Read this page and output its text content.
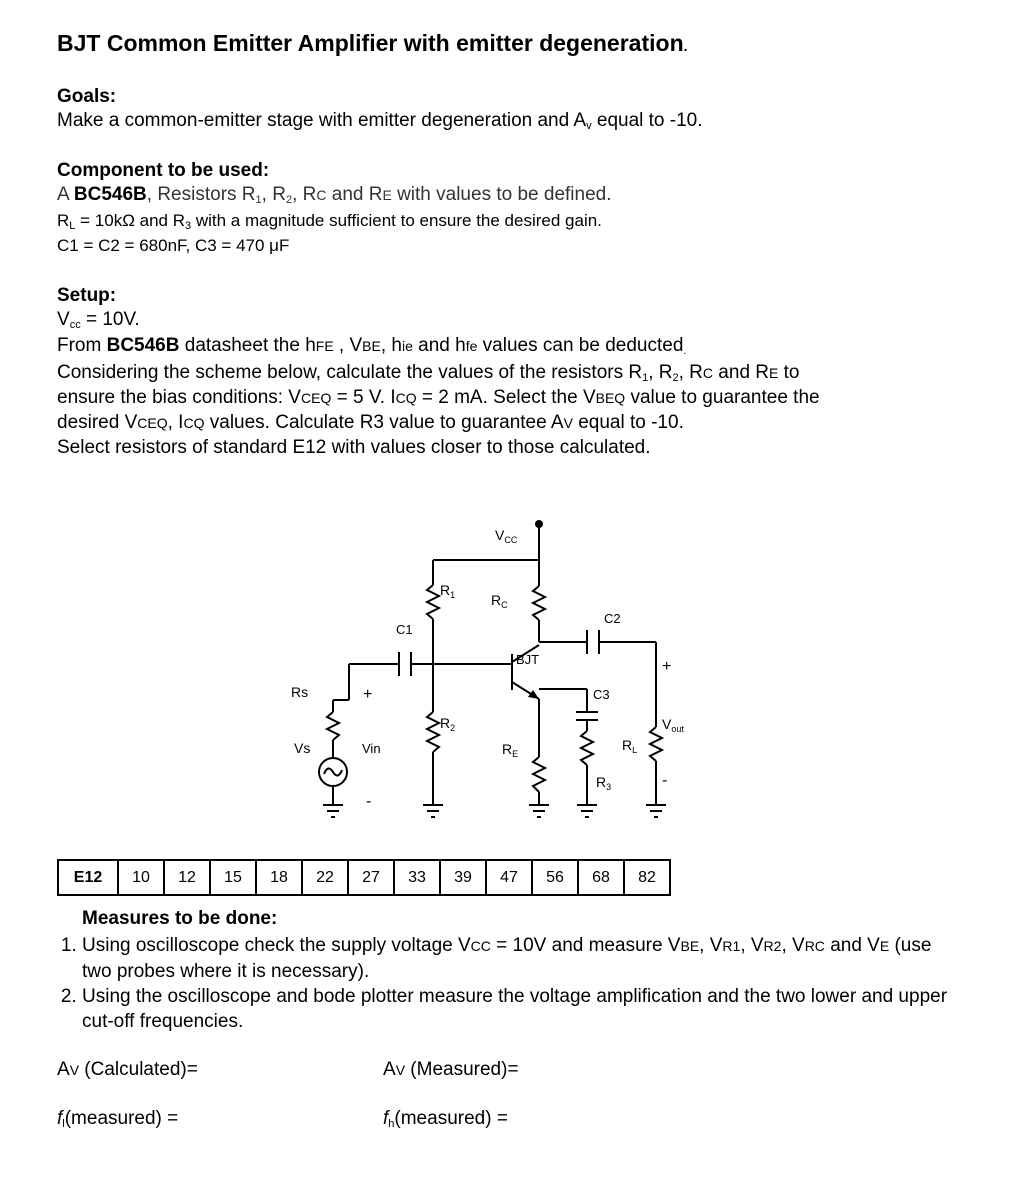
BJT Common Emitter Amplifier with emitter degeneration.
Goals:
Make a common-emitter stage with emitter degeneration and $A_v$ equal to -10.
Component to be used:
A BC546B, Resistors $R_1$, $R_2$, RC and RE with values to be defined.
$R_L = 10k\Omega$ and $R_3$ with a magnitude sufficient to ensure the desired gain.
C1 = C2 = 680nF, C3 = 470 μF
Setup:
$V_{cc} = 10V$.
From BC546B datasheet the hFE , VBE, hie and hfe values can be deducted$_.$
Considering the scheme below, calculate the values of the resistors $R_1$, $R_2$, RC and RE to
ensure the bias conditions: VCEQ = 5 V. ICQ = 2 mA. Select the VBEQ value to guarantee the
desired VCEQ, ICQ values. Calculate R3 value to guarantee AV equal to -10.
Select resistors of standard E12 with values closer to those calculated.
$V_{CC}$
$R_1$	$R_C$
C1
C2
BJT	+
Rs	+	C3
$R_2$	$V_{out}$
Vs	Vin	$R_E$
$R_L$
$R_3$	-
-
E12	10	12	15	18	22	27	33	39	47	56	68	82
Measures to be done:
1. Using oscilloscope check the supply voltage VCC = 10V and measure VBE, VR1, VR2, VRC and VE (use two probes where it is necessary).
2. Using the oscilloscope and bode plotter measure the voltage amplification and the two lower and upper cut-off frequencies.
AV (Calculated)=	AV (Measured)=
$f_l(measured)$ =	$f_h(measured)$ =
